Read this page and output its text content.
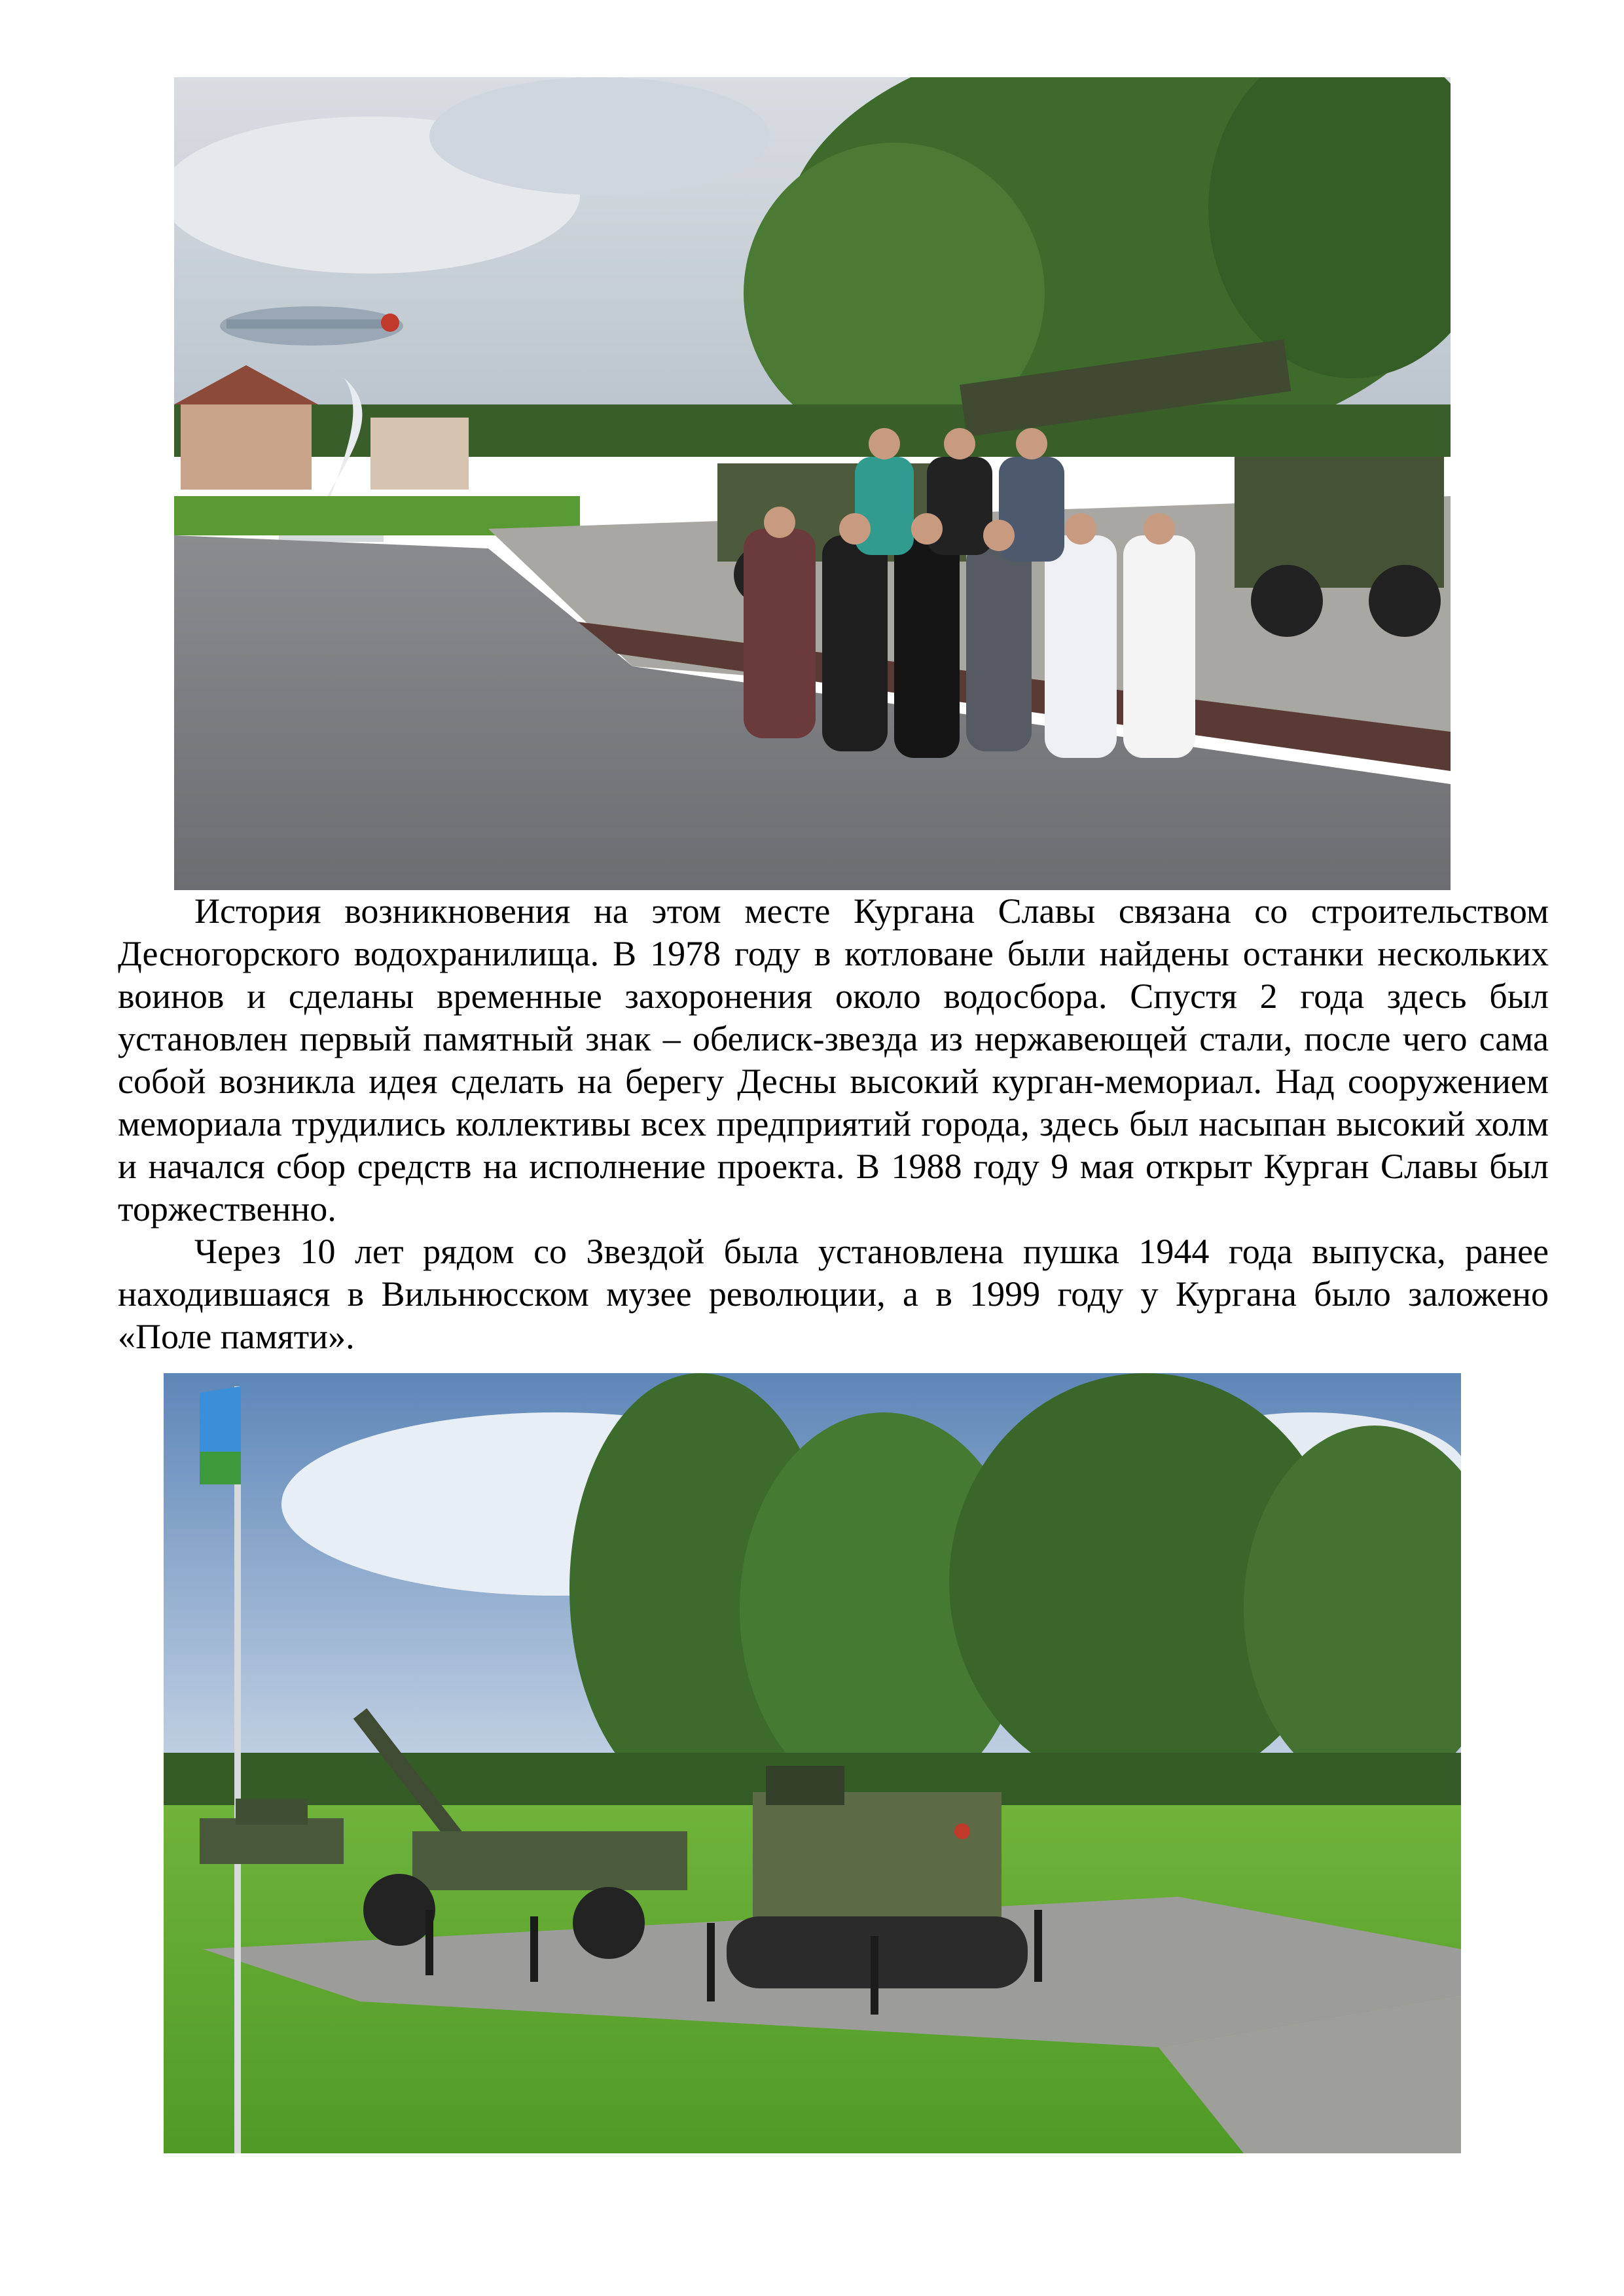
История возникновения на этом месте Кургана Славы связана со строительством Десногорского водохранилища. В 1978 году в котловане были найдены останки нескольких воинов и сделаны временные захоронения около водосбора. Спустя 2 года здесь был установлен первый памятный знак – обелиск-звезда из нержавеющей стали, после чего сама собой возникла идея сделать на берегу Десны высокий курган-мемориал. Над сооружением мемориала трудились коллективы всех предприятий города, здесь был насыпан высокий холм и начался сбор средств на исполнение проекта. В 1988 году 9 мая открыт Курган Славы был торжественно.

Через 10 лет рядом со Звездой была установлена пушка 1944 года выпуска, ранее находившаяся в Вильнюсском музее революции, а в 1999 году у Кургана было заложено «Поле памяти».
